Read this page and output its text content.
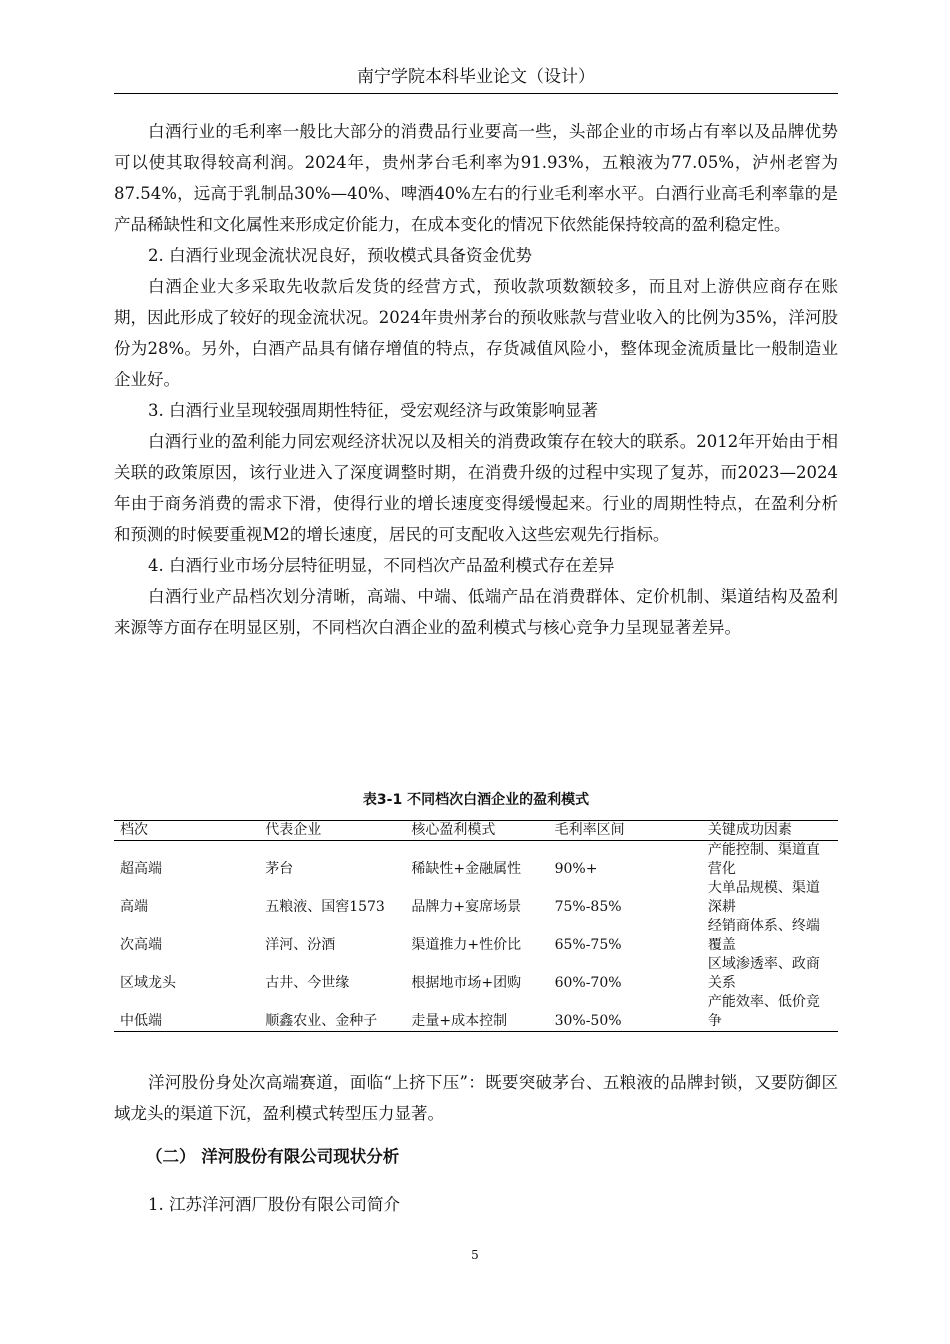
南宁学院本科毕业论文（设计）

白酒行业的毛利率一般比大部分的消费品行业要高一些，头部企业的市场占有率以及品牌优势可以使其取得较高利润。2024年，贵州茅台毛利率为91.93%，五粮液为77.05%，泸州老窖为87.54%，远高于乳制品30%—40%、啤酒40%左右的行业毛利率水平。白酒行业高毛利率靠的是产品稀缺性和文化属性来形成定价能力，在成本变化的情况下依然能保持较高的盈利稳定性。

2. 白酒行业现金流状况良好，预收模式具备资金优势

白酒企业大多采取先收款后发货的经营方式，预收款项数额较多，而且对上游供应商存在账期，因此形成了较好的现金流状况。2024年贵州茅台的预收账款与营业收入的比例为35%，洋河股份为28%。另外，白酒产品具有储存增值的特点，存货减值风险小，整体现金流质量比一般制造业企业好。

3. 白酒行业呈现较强周期性特征，受宏观经济与政策影响显著

白酒行业的盈利能力同宏观经济状况以及相关的消费政策存在较大的联系。2012年开始由于相关联的政策原因，该行业进入了深度调整时期，在消费升级的过程中实现了复苏，而2023—2024年由于商务消费的需求下滑，使得行业的增长速度变得缓慢起来。行业的周期性特点，在盈利分析和预测的时候要重视M2的增长速度，居民的可支配收入这些宏观先行指标。

4. 白酒行业市场分层特征明显，不同档次产品盈利模式存在差异

白酒行业产品档次划分清晰，高端、中端、低端产品在消费群体、定价机制、渠道结构及盈利来源等方面存在明显区别，不同档次白酒企业的盈利模式与核心竞争力呈现显著差异。

表3-1 不同档次白酒企业的盈利模式
档次	代表企业	核心盈利模式	毛利率区间	关键成功因素
超高端	茅台	稀缺性+金融属性	90%+	产能控制、渠道直营化
高端	五粮液、国窖1573	品牌力+宴席场景	75%-85%	大单品规模、渠道深耕
次高端	洋河、汾酒	渠道推力+性价比	65%-75%	经销商体系、终端覆盖
区域龙头	古井、今世缘	根据地市场+团购	60%-70%	区域渗透率、政商关系
中低端	顺鑫农业、金种子	走量+成本控制	30%-50%	产能效率、低价竞争

洋河股份身处次高端赛道，面临“上挤下压”：既要突破茅台、五粮液的品牌封锁，又要防御区域龙头的渠道下沉，盈利模式转型压力显著。

（二） 洋河股份有限公司现状分析
1. 江苏洋河酒厂股份有限公司简介
5
